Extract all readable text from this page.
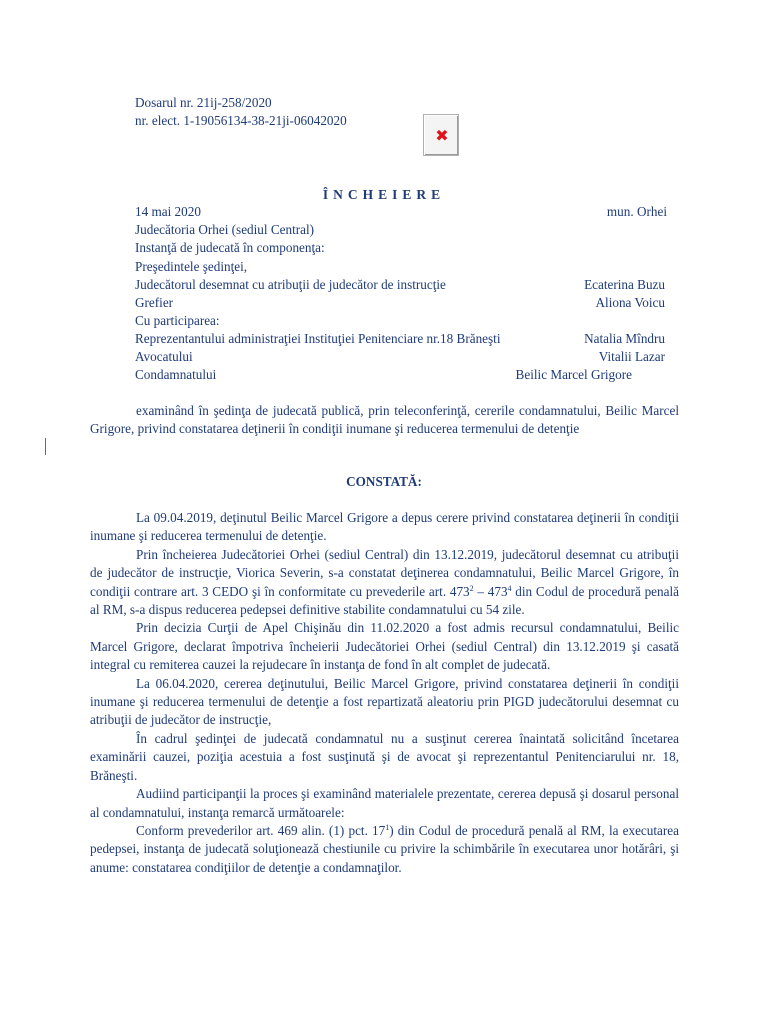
Dosarul nr. 21ij-258/2020
nr. elect. 1-19056134-38-21ji-06042020
✖
ÎNCHEIERE
14 mai 2020	mun. Orhei
Judecătoria Orhei (sediul Central)
Instanţă de judecată în componenţa:
Preşedintele şedinţei,
Judecătorul desemnat cu atribuţii de judecător de instrucţie	Ecaterina Buzu
Grefier	Aliona Voicu
Cu participarea:
Reprezentantului administraţiei Instituţiei Penitenciare nr.18 Brăneşti	Natalia Mîndru
Avocatului	Vitalii Lazar
Condamnatului	Beilic Marcel Grigore

examinând în şedinţa de judecată publică, prin teleconferinţă, cererile condamnatului, Beilic Marcel Grigore, privind constatarea deţinerii în condiţii inumane şi reducerea termenului de detenţie

CONSTATĂ:

La 09.04.2019, deţinutul Beilic Marcel Grigore a depus cerere privind constatarea deţinerii în condiţii inumane şi reducerea termenului de detenţie.

Prin încheierea Judecătoriei Orhei (sediul Central) din 13.12.2019, judecătorul desemnat cu atribuţii de judecător de instrucţie, Viorica Severin, s-a constatat deţinerea condamnatului, Beilic Marcel Grigore, în condiţii contrare art. 3 CEDO şi în conformitate cu prevederile art. $473^2 - 473^4$ din Codul de procedură penală al RM, s-a dispus reducerea pedepsei definitive stabilite condamnatului cu 54 zile.

Prin decizia Curţii de Apel Chişinău din 11.02.2020 a fost admis recursul condamnatului, Beilic Marcel Grigore, declarat împotriva încheierii Judecătoriei Orhei (sediul Central) din 13.12.2019 şi casată integral cu remiterea cauzei la rejudecare în instanţa de fond în alt complet de judecată.

La 06.04.2020, cererea deţinutului, Beilic Marcel Grigore, privind constatarea deţinerii în condiţii inumane şi reducerea termenului de detenţie a fost repartizată aleatoriu prin PIGD judecătorului desemnat cu atribuţii de judecător de instrucţie,

În cadrul şedinţei de judecată condamnatul nu a susţinut cererea înaintată solicitând încetarea examinării cauzei, poziţia acestuia a fost susţinută şi de avocat şi reprezentantul Penitenciarului nr. 18, Brăneşti.

Audiind participanţii la proces şi examinând materialele prezentate, cererea depusă şi dosarul personal al condamnatului, instanţa remarcă următoarele:

Conform prevederilor art. 469 alin. (1) pct. $17^1$) din Codul de procedură penală al RM, la executarea pedepsei, instanţa de judecată soluţionează chestiunile cu privire la schimbările în executarea unor hotărâri, şi anume: constatarea condiţiilor de detenţie a condamnaţilor.
